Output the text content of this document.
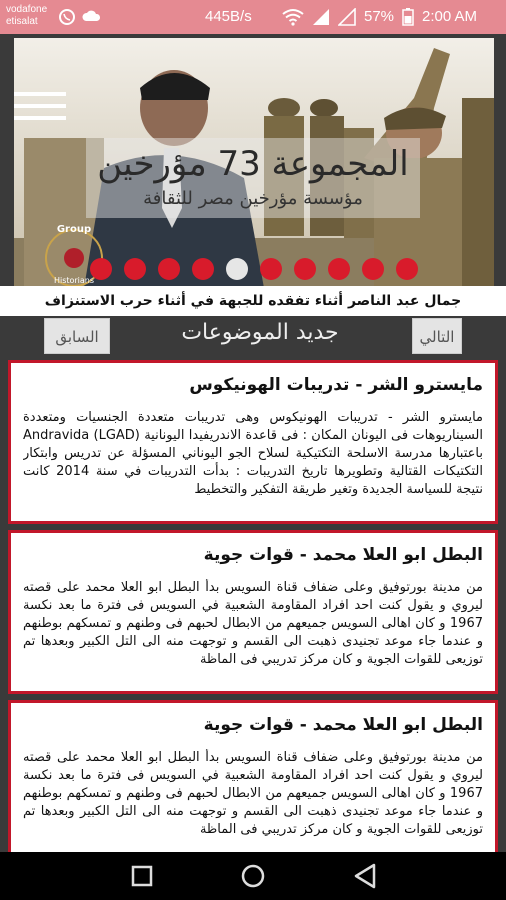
vodafone
etisalat	445B/s	57% 2:00 AM
Group
Historians
المجموعة 73 مؤرخين
مؤسسة مؤرخين مصر للثقافة
جمال عبد الناصر أثناء تفقده للجبهة في أثناء حرب الاستنزاف
السابق	جديد الموضوعات	التالي
مايسترو الشر - تدريبات الهونيكوس
مايسترو الشر - تدريبات الهونيكوس وهى تدريبات متعددة الجنسيات ومتعددة السيناريوهات فى اليونان المكان : فى قاعدة الاندريفيدا اليونانية Andravida (LGAD) باعتبارها مدرسة الاسلحة التكتيكية لسلاح الجو اليوناني المسؤلة عن تدريس وابتكار التكتيكات القتالية وتطويرها تاريخ التدريبات : بدأت التدريبات في سنة 2014 كانت نتيجة للسياسة الجديدة وتغير طريقة التفكير والتخطيط
البطل ابو العلا محمد - قوات جوية
من مدينة بورتوفيق وعلى ضفاف قناة السويس بدأ البطل ابو العلا محمد على قصته ليروي و يقول كنت احد افراد المقاومة الشعبية في السويس فى فترة ما بعد نكسة 1967 و كان اهالى السويس جميعهم من الابطال لحبهم فى وطنهم و تمسكهم بوطنهم و عندما جاء موعد تجنيدى ذهبت الى القسم و توجهت منه الى التل الكبير وبعدها تم توزيعى للقوات الجوية و كان مركز تدريبي فى الماظة
البطل ابو العلا محمد - قوات جوية
من مدينة بورتوفيق وعلى ضفاف قناة السويس بدأ البطل ابو العلا محمد على قصته ليروي و يقول كنت احد افراد المقاومة الشعبية في السويس فى فترة ما بعد نكسة 1967 و كان اهالى السويس جميعهم من الابطال لحبهم فى وطنهم و تمسكهم بوطنهم و عندما جاء موعد تجنيدى ذهبت الى القسم و توجهت منه الى التل الكبير وبعدها تم توزيعى للقوات الجوية و كان مركز تدريبي فى الماظة
